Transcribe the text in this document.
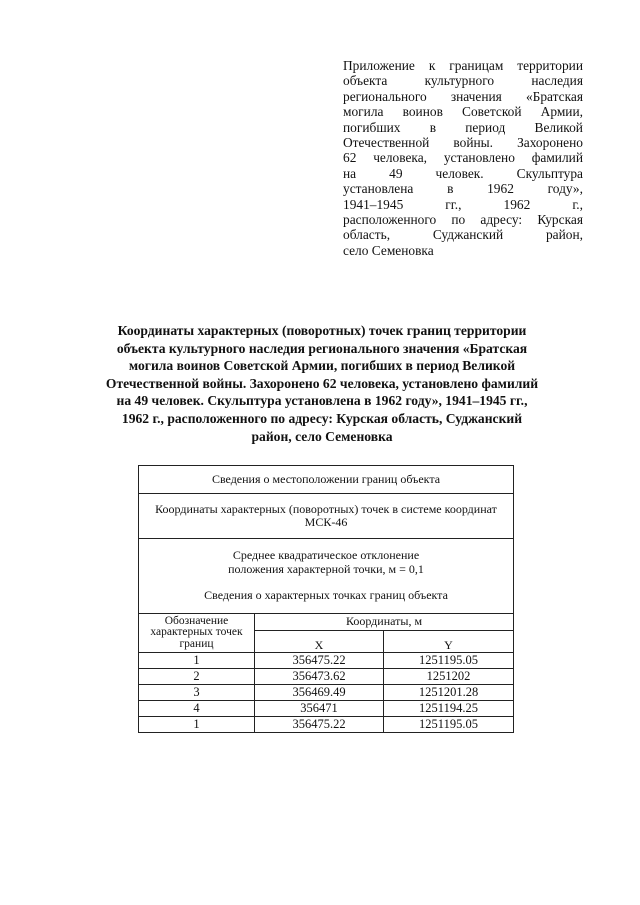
Приложение к границам территории
объекта	культурного	наследия
регионального значения «Братская
могила воинов Советской Армии,
погибших в период Великой
Отечественной войны. Захоронено
62 человека, установлено фамилий
на 49 человек. Скульптура
установлена	в	1962	году»,
1941–1945	гг.,	1962	г.,
расположенного по адресу: Курская
область,	Суджанский	район,
село Семеновка
Координаты характерных (поворотных) точек границ территории
объекта культурного наследия регионального значения «Братская
могила воинов Советской Армии, погибших в период Великой
Отечественной войны. Захоронено 62 человека, установлено фамилий
на 49 человек. Скульптура установлена в 1962 году», 1941–1945 гг.,
1962 г., расположенного по адресу: Курская область, Суджанский
район, село Семеновка
Сведения о местоположении границ объекта		
Координаты характерных (поворотных) точек в системе координат
МСК-46		
Среднее квадратическое отклонение
положения характерной точки, м = 0,1
Сведения о характерных точках границ объекта		
Обозначение
характерных точек
границ	Координаты, м	
	X	Y
1	356475.22	1251195.05
2	356473.62	1251202
3	356469.49	1251201.28
4	356471	1251194.25
1	356475.22	1251195.05
